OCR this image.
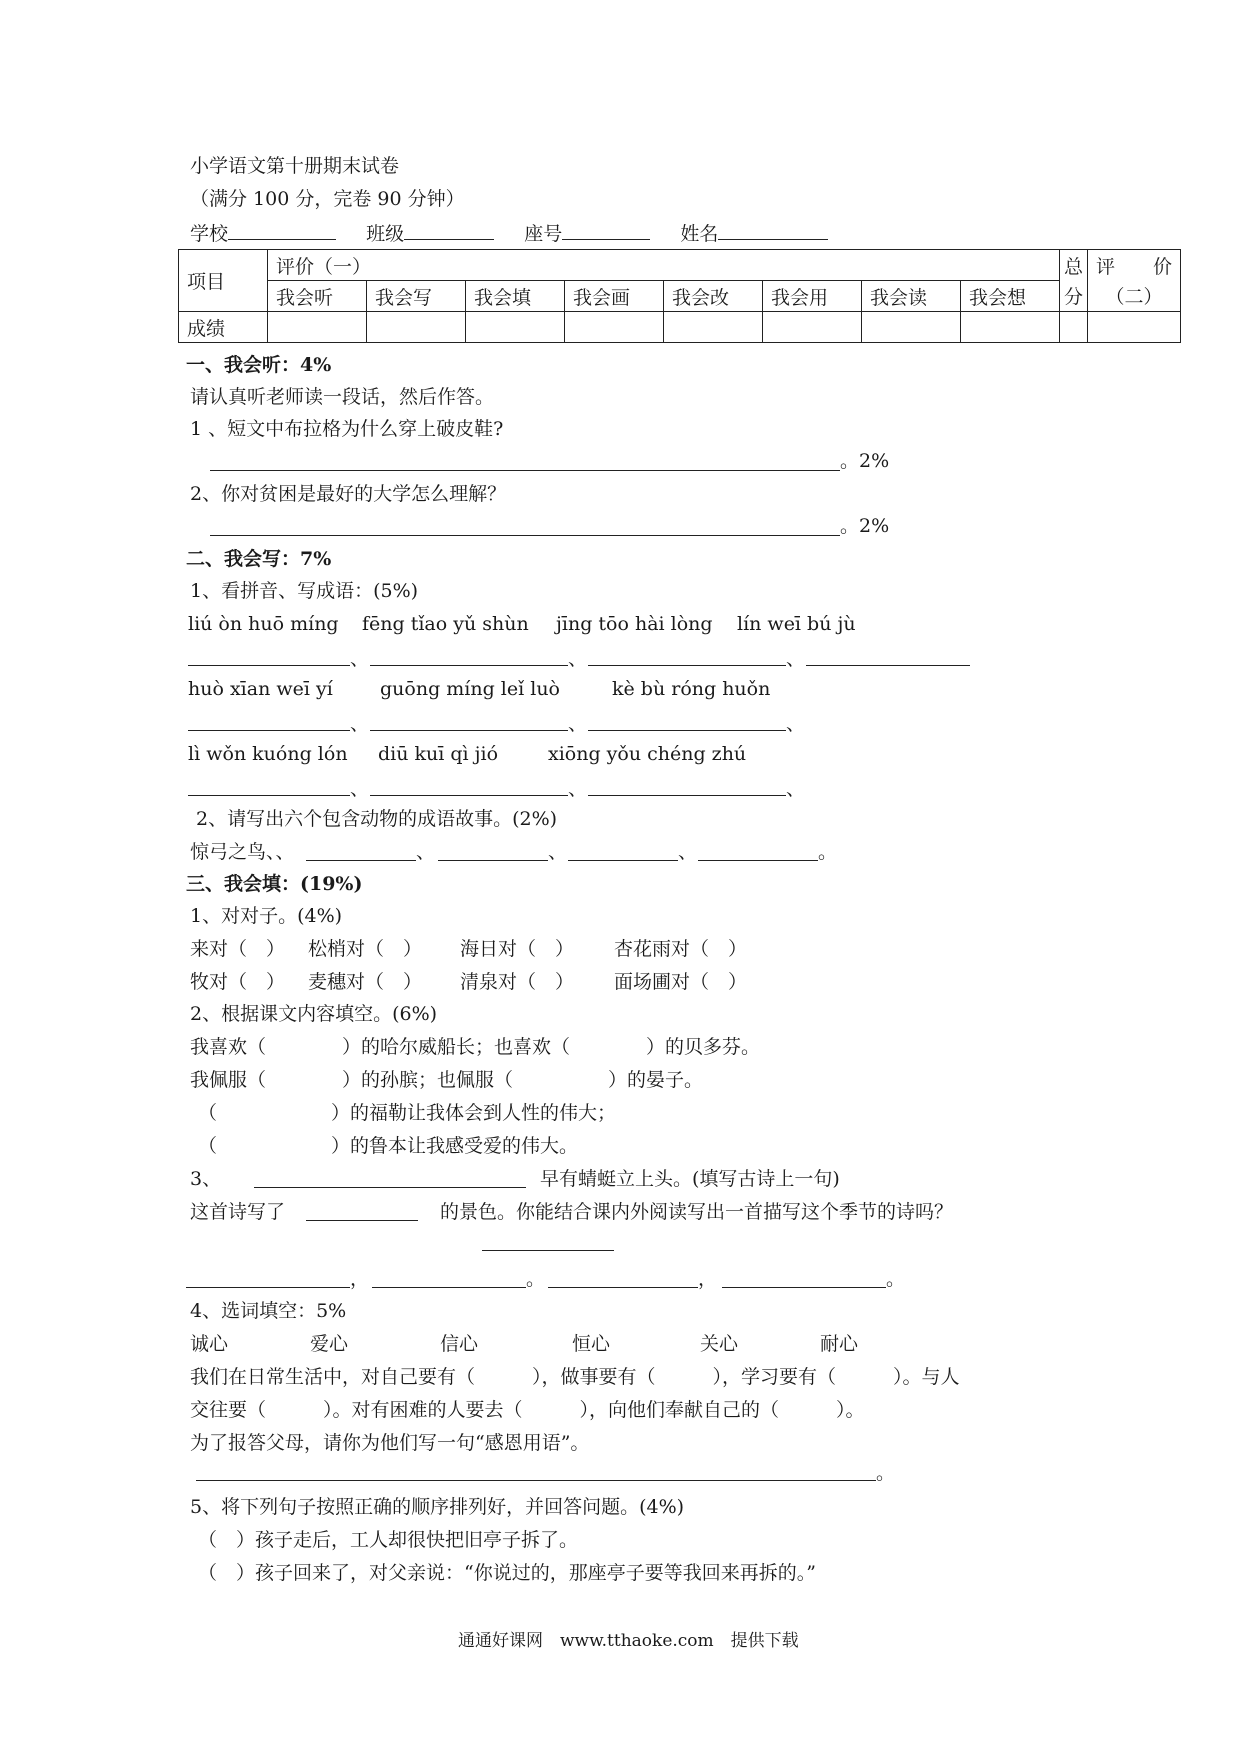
小学语文第十册期末试卷
（满分 100 分，完卷 90 分钟）
学校	班级	座号	姓名
项目	评价（一）								总	评　　价
	我会听	我会写	我会填	我会画	我会改	我会用	我会读	我会想	分	（二）
成绩										
一、我会听：4%
请认真听老师读一段话，然后作答。
1 、短文中布拉格为什么穿上破皮鞋?
。2%
2、你对贫困是最好的大学怎么理解？
。2%
二、我会写：7%
1、看拼音、写成语：(5%)
liú òn huō míng fēng tǐao yǔ shùn jīng tōo hài lòng lín weī bú jù
、	、	、
huò xīan weī yí guōng míng leǐ luò	kè bù róng huǒn
、	、	、
lì wǒn kuóng lón diū kuī qì jió	xiōng yǒu chéng zhú
、	、	、
2、请写出六个包含动物的成语故事。(2%)
惊弓之鸟、、	、	、	、	。
三、我会填：(19%)
1、对对子。(4%)
来对（　） 松梢对（　） 海日对（　） 杏花雨对（　）
牧对（　） 麦穗对（　） 清泉对（　） 面场圃对（　）
2、根据课文内容填空。(6%)
我喜欢（　　　　）的哈尔威船长；也喜欢（　　　　）的贝多芬。
我佩服（　　　　）的孙膑；也佩服（　　　　　）的晏子。
（　　　　　　）的福勒让我体会到人性的伟大；
（　　　　　　）的鲁本让我感受爱的伟大。
3、	早有蜻蜓立上头。(填写古诗上一句)
这首诗写了	的景色。你能结合课内外阅读写出一首描写这个季节的诗吗？
，	。	，	。
4、选词填空：5%
诚心	爱心	信心	恒心	关心	耐心
我们在日常生活中，对自己要有（　　　），做事要有（　　　），学习要有（　　　）。与人
交往要（　　　）。对有困难的人要去（　　　），向他们奉献自己的（　　　）。
为了报答父母，请你为他们写一句“感恩用语”。
。
5、将下列句子按照正确的顺序排列好，并回答问题。(4%)
（　）孩子走后，工人却很快把旧亭子拆了。
（　）孩子回来了，对父亲说：“你说过的，那座亭子要等我回来再拆的。”
通通好课网　www.tthaoke.com　提供下载
